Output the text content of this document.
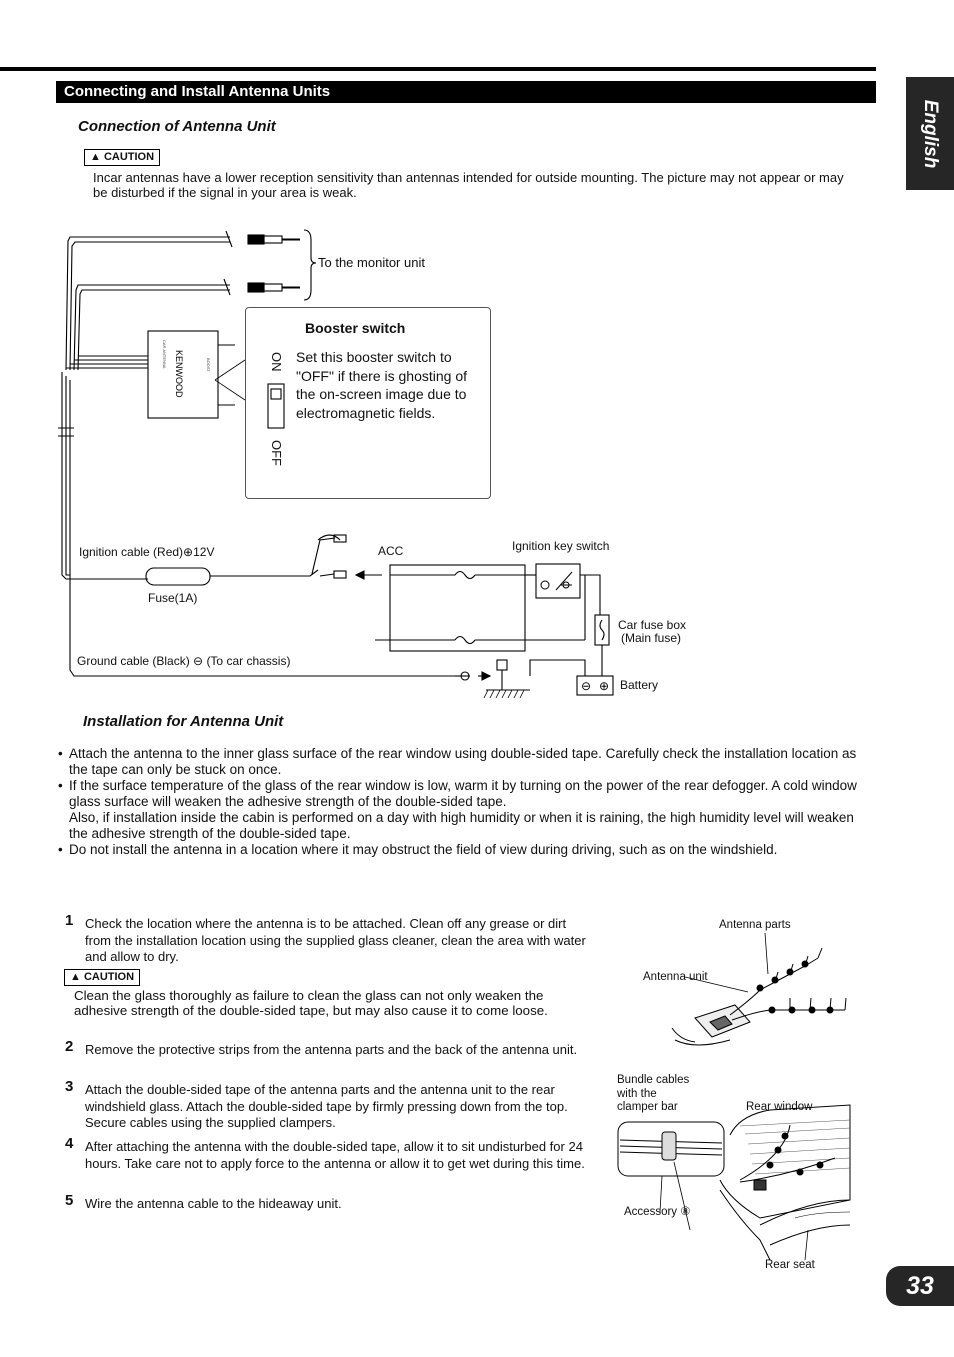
Connecting and Install Antenna Units
English
33
Connection of Antenna Unit
▲ CAUTION
Incar antennas have a lower reception sensitivity than antennas intended for outside mounting. The picture may not appear or may be disturbed if the signal in your area is weak.
KENWOOD
CAR ANTENNA	BOOST
⊖ ⊕
To the monitor unit
Booster switch
Set this booster switch to "OFF" if there is ghosting of the on-screen image due to electromagnetic fields.
ON
OFF
Ignition cable (Red)⊕12V
Fuse(1A)
ACC	Ignition key switch
Car fuse box
(Main fuse)
Ground cable (Black) ⊖ (To car chassis)
Battery
Installation for Antenna Unit
• Attach the antenna to the inner glass surface of the rear window using double-sided tape. Carefully check the installation location as the tape can only be stuck on once.
• If the surface temperature of the glass of the rear window is low, warm it by turning on the power of the rear defogger. A cold window glass surface will weaken the adhesive strength of the double-sided tape.
Also, if installation inside the cabin is performed on a day with high humidity or when it is raining, the high humidity level will weaken the adhesive strength of the double-sided tape.
• Do not install the antenna in a location where it may obstruct the field of view during driving, such as on the windshield.
1 Check the location where the antenna is to be attached. Clean off any grease or dirt from the installation location using the supplied glass cleaner, clean the area with water and allow to dry.
▲ CAUTION
Clean the glass thoroughly as failure to clean the glass can not only weaken the adhesive strength of the double-sided tape, but may also cause it to come loose.
2 Remove the protective strips from the antenna parts and the back of the antenna unit.
3 Attach the double-sided tape of the antenna parts and the antenna unit to the rear windshield glass. Attach the double-sided tape by firmly pressing down from the top. Secure cables using the supplied clampers.
4 After attaching the antenna with the double-sided tape, allow it to sit undisturbed for 24 hours. Take care not to apply force to the antenna or allow it to get wet during this time.
5 Wire the antenna cable to the hideaway unit.
Antenna parts
Antenna unit
Bundle cables
with the
clamper bar	Rear window
Accessory ⑧
Rear seat
